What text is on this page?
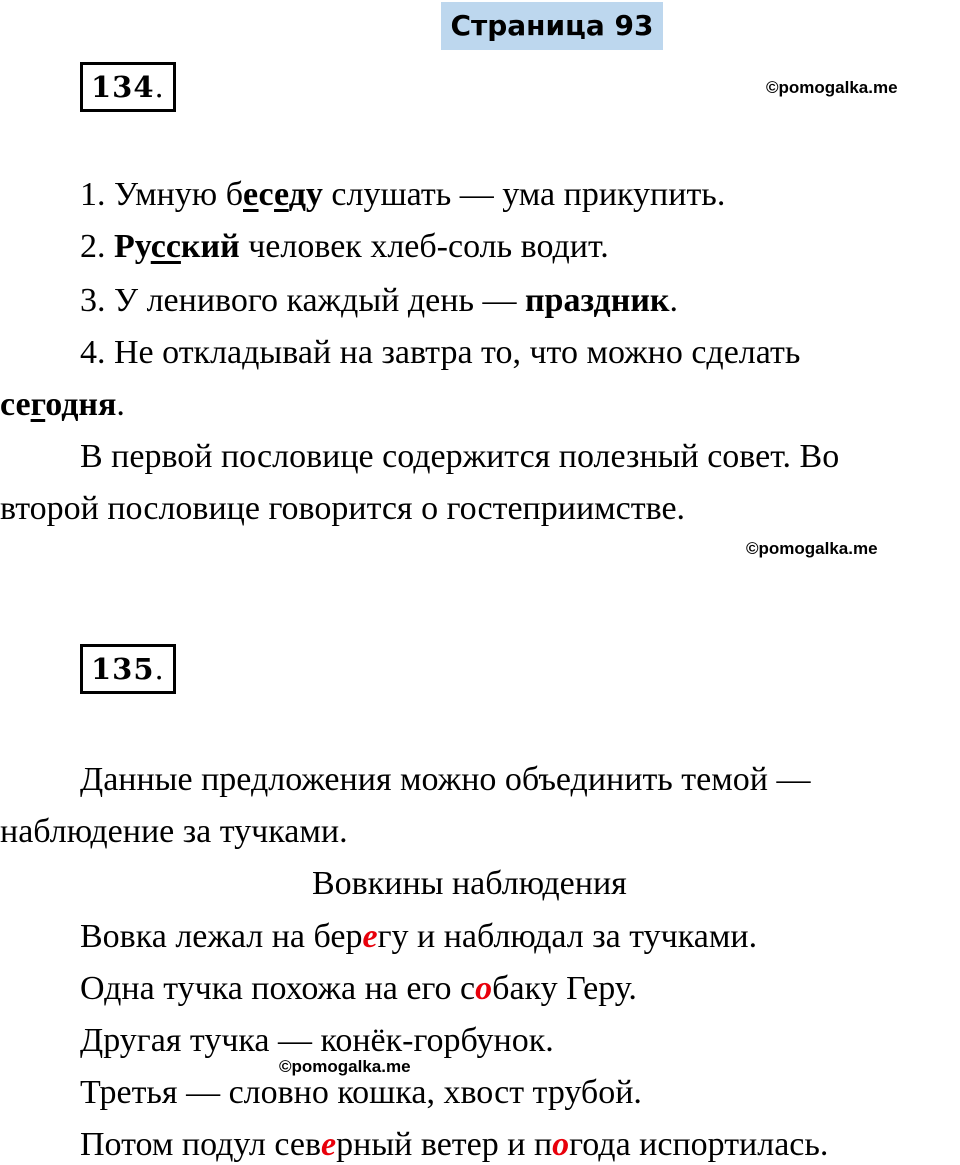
Страница 93
134.	©pomogalka.me
1. Умную беседу слушать — ума прикупить.
2. Русский человек хлеб-соль водит.
3. У ленивого каждый день — праздник.
4. Не откладывай на завтра то, что можно сделать
сегодня.
В первой пословице содержится полезный совет. Во
второй пословице говорится о гостеприимстве.
©pomogalka.me
135.
Данные предложения можно объединить темой —
наблюдение за тучками.
Вовкины наблюдения
Вовка лежал на берегу и наблюдал за тучками.
Одна тучка похожа на его собаку Геру.
Другая тучка — конёк-горбунок.
©pomogalka.me
Третья — словно кошка, хвост трубой.
Потом подул северный ветер и погода испортилась.
